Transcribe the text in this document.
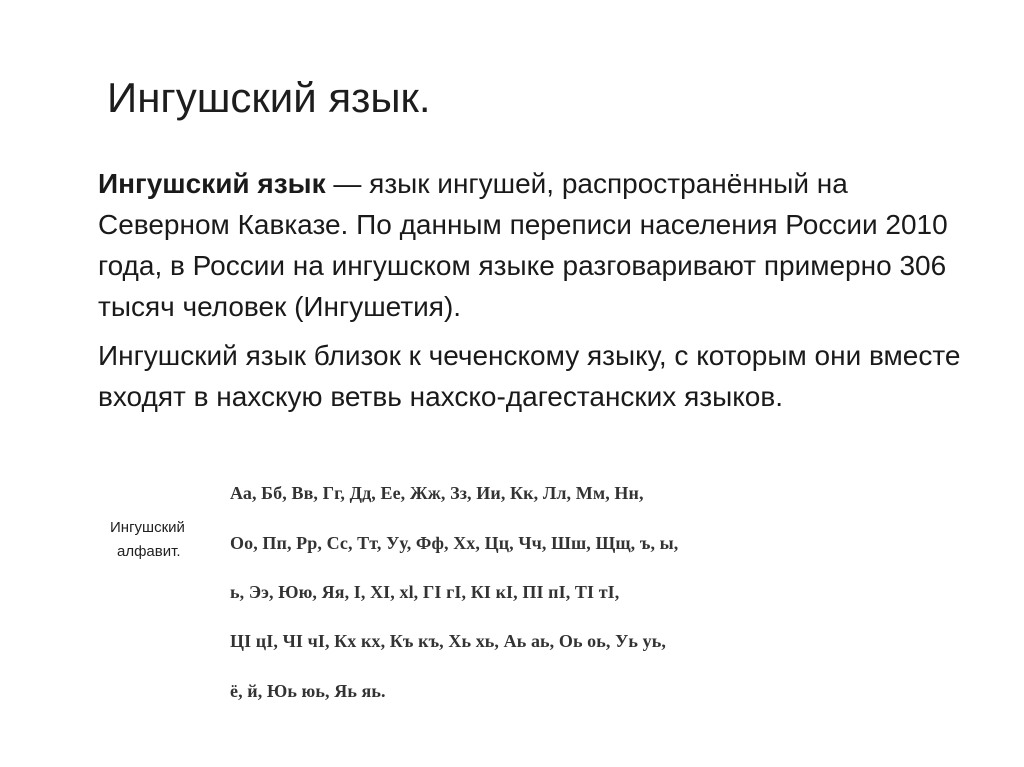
Ингушский язык.

Ингушский язык — язык ингушей, распространённый на Северном Кавказе. По данным переписи населения России 2010 года, в России на ингушском языке разговаривают примерно 306 тысяч человек (Ингушетия).

Ингушский язык близок к чеченскому языку, с которым они вместе входят в нахскую ветвь нахско-дагестанских языков.

Ингушский
алфавит.
Аа, Бб, Вв, Гг, Дд, Ее, Жж, Зз, Ии, Кк, Лл, Мм, Нн,
Оо, Пп, Рр, Сс, Тт, Уу, Фф, Хх, Цц, Чч, Шш, Щщ, ъ, ы,
ь, Ээ, Юю, Яя, I, XI, xl, ГI гI, КI кI, ПI пI, ТI тI,
ЦI цI, ЧI чI, Кх кх, Къ къ, Хь хь, Аь аь, Оь оь, Уь уь,
ё, й, Юь юь, Яь яь.
